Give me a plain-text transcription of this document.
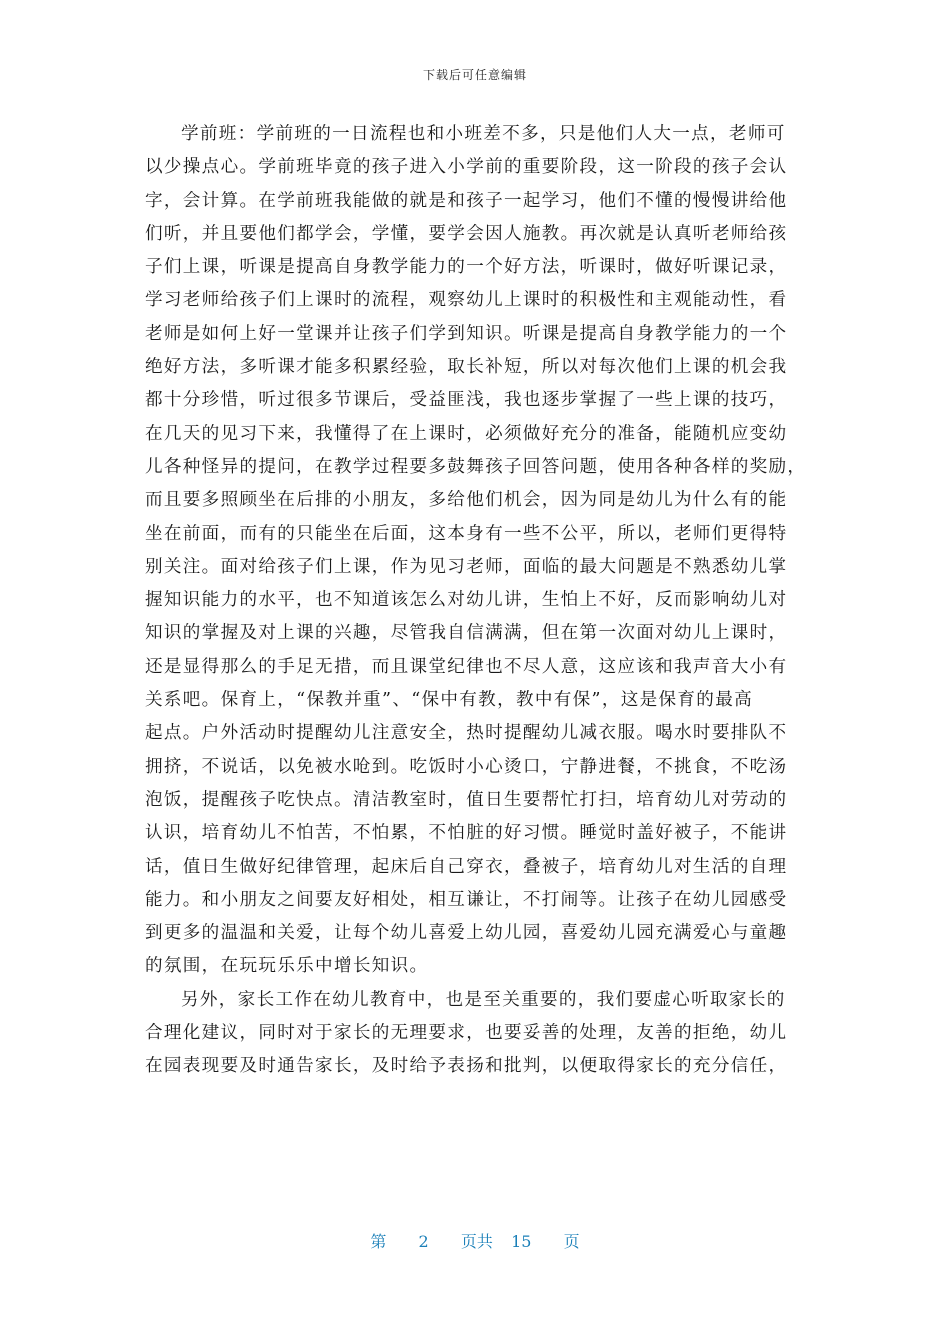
下载后可任意编辑

学前班：学前班的一日流程也和小班差不多，只是他们人大一点，老师可
以少操点心。学前班毕竟的孩子进入小学前的重要阶段，这一阶段的孩子会认
字，会计算。在学前班我能做的就是和孩子一起学习，他们不懂的慢慢讲给他
们听，并且要他们都学会，学懂，要学会因人施教。再次就是认真听老师给孩
子们上课，听课是提高自身教学能力的一个好方法，听课时，做好听课记录，
学习老师给孩子们上课时的流程，观察幼儿上课时的积极性和主观能动性，看
老师是如何上好一堂课并让孩子们学到知识。听课是提高自身教学能力的一个
绝好方法，多听课才能多积累经验，取长补短，所以对每次他们上课的机会我
都十分珍惜，听过很多节课后，受益匪浅，我也逐步掌握了一些上课的技巧，
在几天的见习下来，我懂得了在上课时，必须做好充分的准备，能随机应变幼
儿各种怪异的提问，在教学过程要多鼓舞孩子回答问题，使用各种各样的奖励，
而且要多照顾坐在后排的小朋友，多给他们机会，因为同是幼儿为什么有的能
坐在前面，而有的只能坐在后面，这本身有一些不公平，所以，老师们更得特
别关注。面对给孩子们上课，作为见习老师，面临的最大问题是不熟悉幼儿掌
握知识能力的水平，也不知道该怎么对幼儿讲，生怕上不好，反而影响幼儿对
知识的掌握及对上课的兴趣，尽管我自信满满，但在第一次面对幼儿上课时，
还是显得那么的手足无措，而且课堂纪律也不尽人意，这应该和我声音大小有
关系吧。保育上，“保教并重”、“保中有教，教中有保”，这是保育的最高
起点。户外活动时提醒幼儿注意安全，热时提醒幼儿减衣服。喝水时要排队不
拥挤，不说话，以免被水呛到。吃饭时小心烫口，宁静进餐，不挑食，不吃汤
泡饭，提醒孩子吃快点。清洁教室时，值日生要帮忙打扫，培育幼儿对劳动的
认识，培育幼儿不怕苦，不怕累，不怕脏的好习惯。睡觉时盖好被子，不能讲
话，值日生做好纪律管理，起床后自己穿衣，叠被子，培育幼儿对生活的自理
能力。和小朋友之间要友好相处，相互谦让，不打闹等。让孩子在幼儿园感受
到更多的温温和关爱，让每个幼儿喜爱上幼儿园，喜爱幼儿园充满爱心与童趣
的氛围，在玩玩乐乐中增长知识。

另外，家长工作在幼儿教育中，也是至关重要的，我们要虚心听取家长的
合理化建议，同时对于家长的无理要求，也要妥善的处理，友善的拒绝，幼儿
在园表现要及时通告家长，及时给予表扬和批判，以便取得家长的充分信任，

第 2 页共 15 页
